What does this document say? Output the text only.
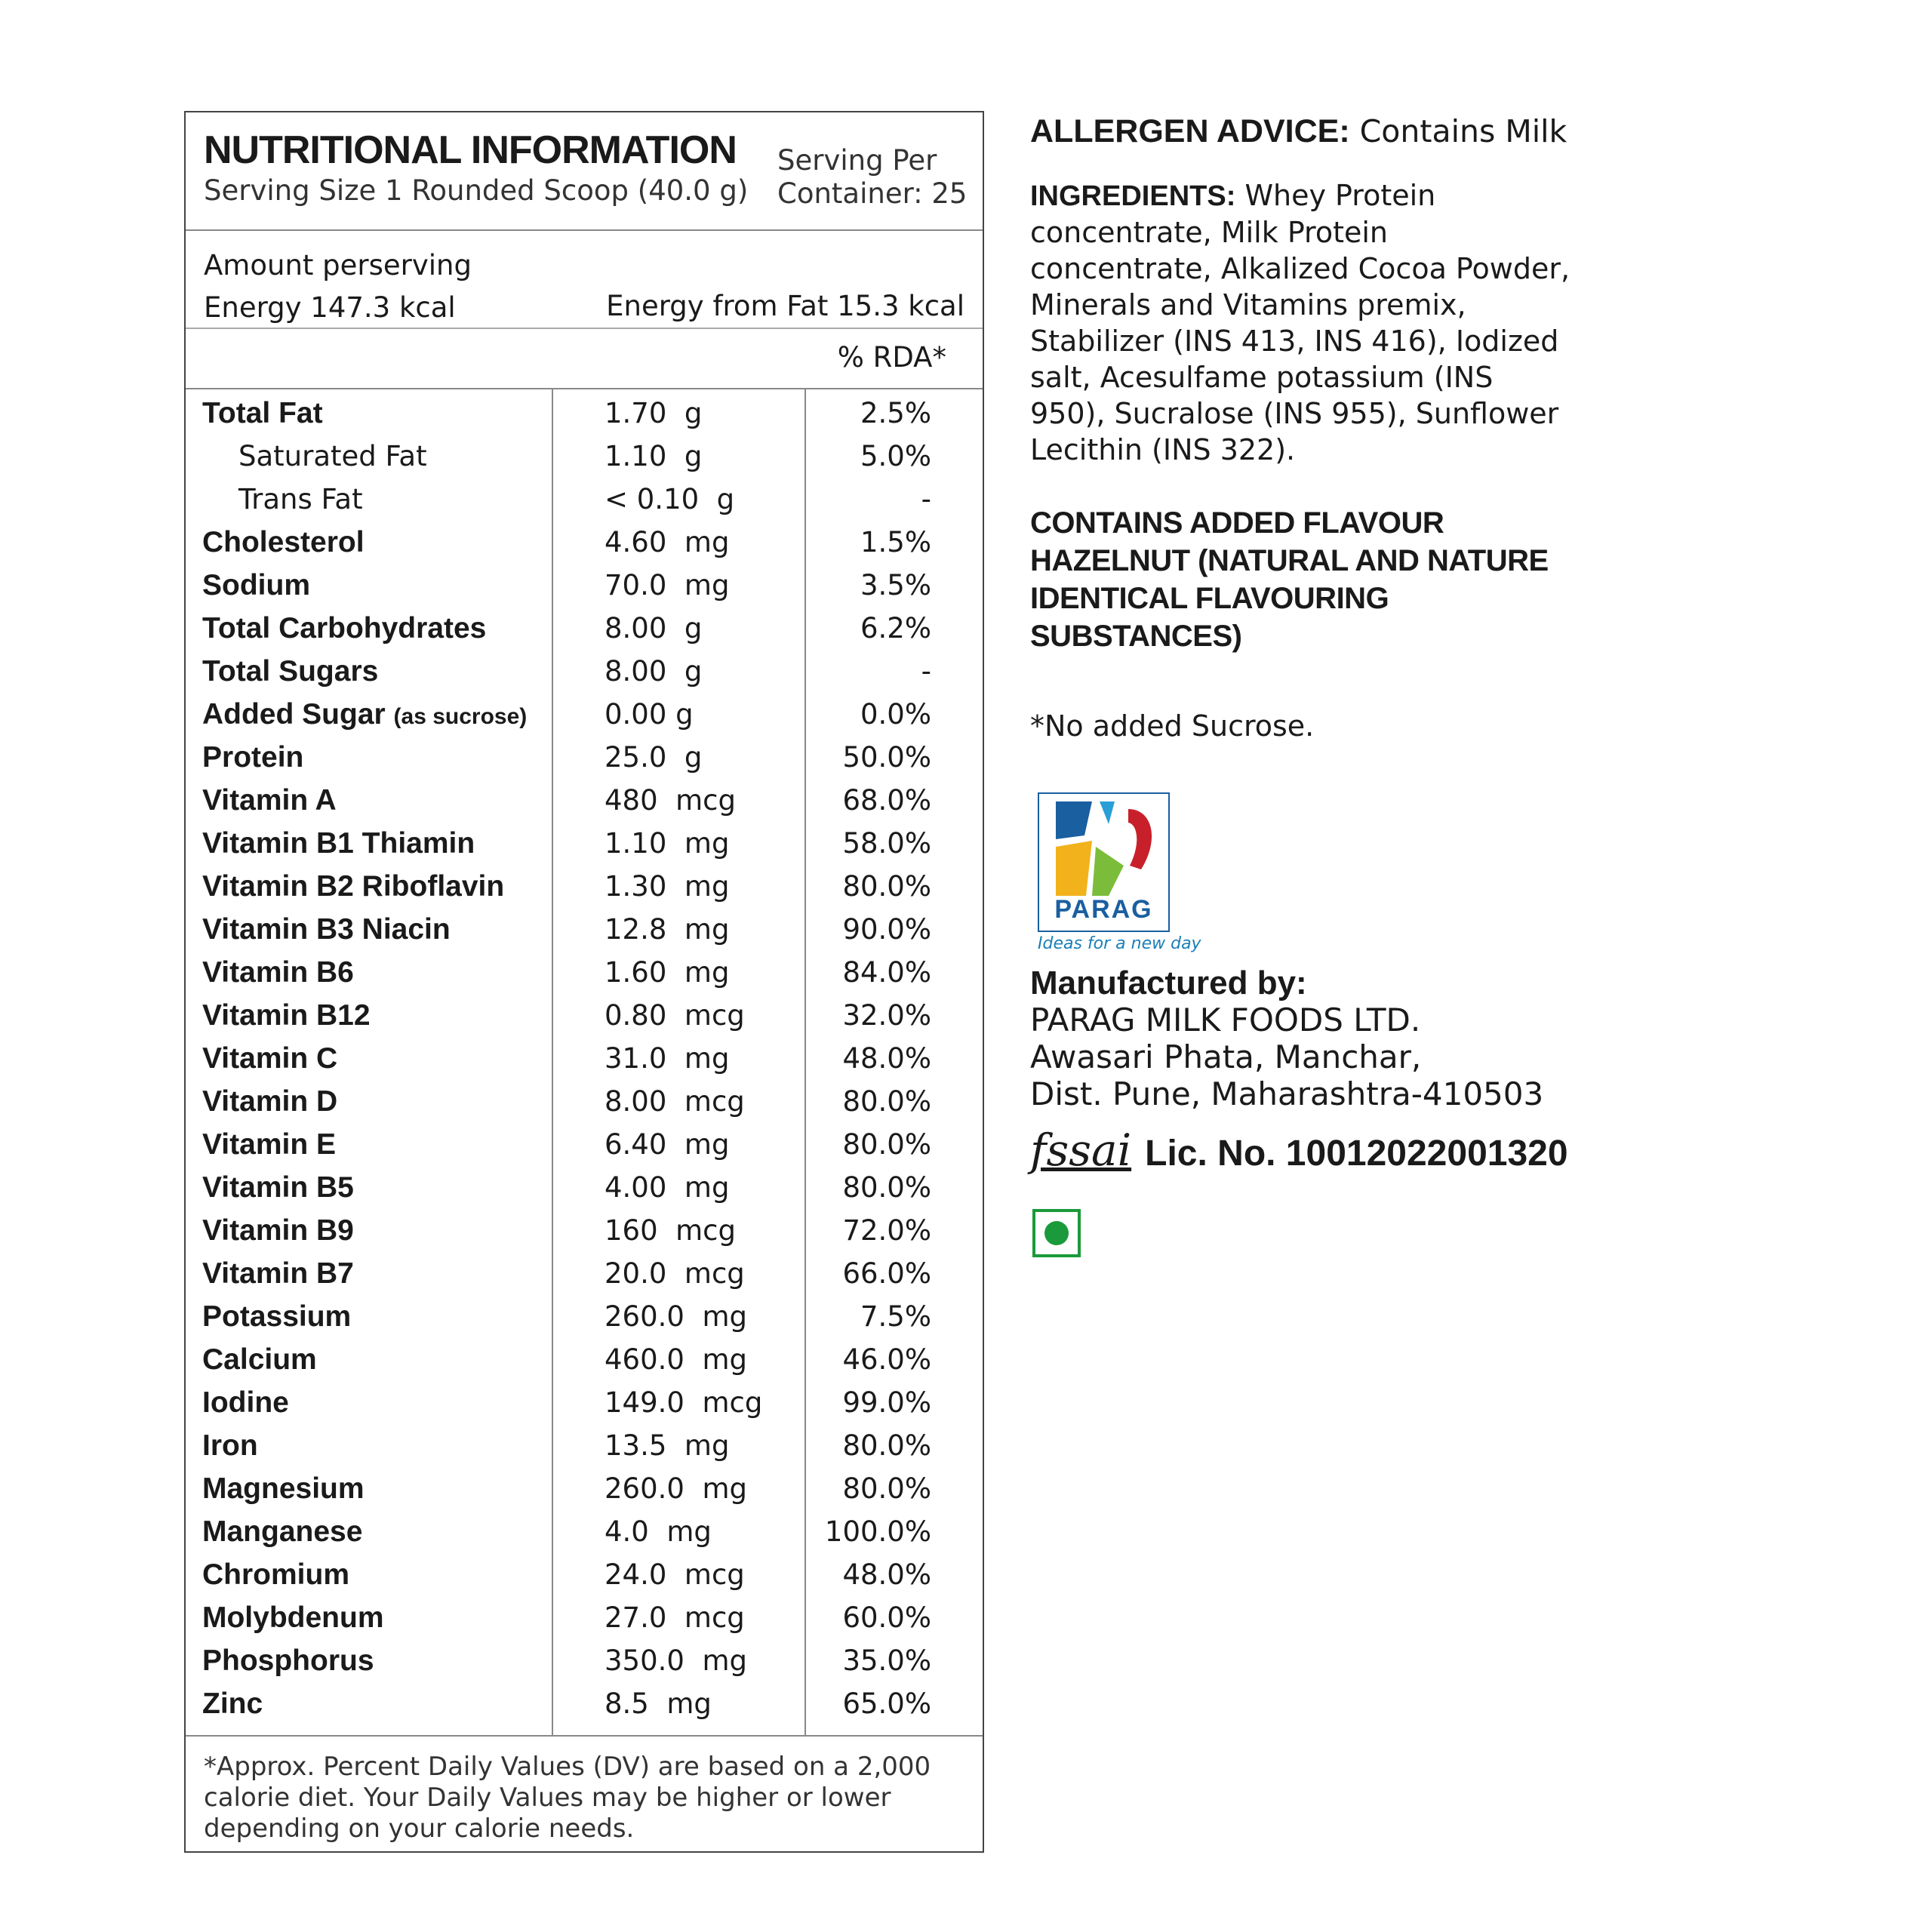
NUTRITIONAL INFORMATION
Serving Size 1 Rounded Scoop (40.0 g)
Serving Per
Container: 25
Amount perserving
Energy 147.3 kcal	Energy from Fat 15.3 kcal
% RDA*
Total Fat	1.70  g	2.5%
Saturated Fat	1.10  g	5.0%
Trans Fat	< 0.10  g	-
Cholesterol	4.60  mg	1.5%
Sodium	70.0  mg	3.5%
Total Carbohydrates	8.00  g	6.2%
Total Sugars	8.00  g	-
Added Sugar (as sucrose)	0.00 g	0.0%
Protein	25.0  g	50.0%
Vitamin A	480  mcg	68.0%
Vitamin B1 Thiamin	1.10  mg	58.0%
Vitamin B2 Riboflavin	1.30  mg	80.0%
Vitamin B3 Niacin	12.8  mg	90.0%
Vitamin B6	1.60  mg	84.0%
Vitamin B12	0.80  mcg	32.0%
Vitamin C	31.0  mg	48.0%
Vitamin D	8.00  mcg	80.0%
Vitamin E	6.40  mg	80.0%
Vitamin B5	4.00  mg	80.0%
Vitamin B9	160  mcg	72.0%
Vitamin B7	20.0  mcg	66.0%
Potassium	260.0  mg	7.5%
Calcium	460.0  mg	46.0%
Iodine	149.0  mcg	99.0%
Iron	13.5  mg	80.0%
Magnesium	260.0  mg	80.0%
Manganese	4.0  mg	100.0%
Chromium	24.0  mcg	48.0%
Molybdenum	27.0  mcg	60.0%
Phosphorus	350.0  mg	35.0%
Zinc	8.5  mg	65.0%

*Approx. Percent Daily Values (DV) are based on a 2,000 calorie diet. Your Daily Values may be higher or lower depending on your calorie needs.

ALLERGEN ADVICE: Contains Milk
INGREDIENTS: Whey Protein concentrate, Milk Protein concentrate, Alkalized Cocoa Powder, Minerals and Vitamins premix, Stabilizer (INS 413, INS 416), Iodized salt, Acesulfame potassium (INS 950), Sucralose (INS 955), Sunflower Lecithin (INS 322).
CONTAINS ADDED FLAVOUR HAZELNUT (NATURAL AND NATURE IDENTICAL FLAVOURING SUBSTANCES)
*No added Sucrose.
PARAG
Ideas for a new day
Manufactured by:
PARAG MILK FOODS LTD.
Awasari Phata, Manchar,
Dist. Pune, Maharashtra-410503
fssai Lic. No. 10012022001320
